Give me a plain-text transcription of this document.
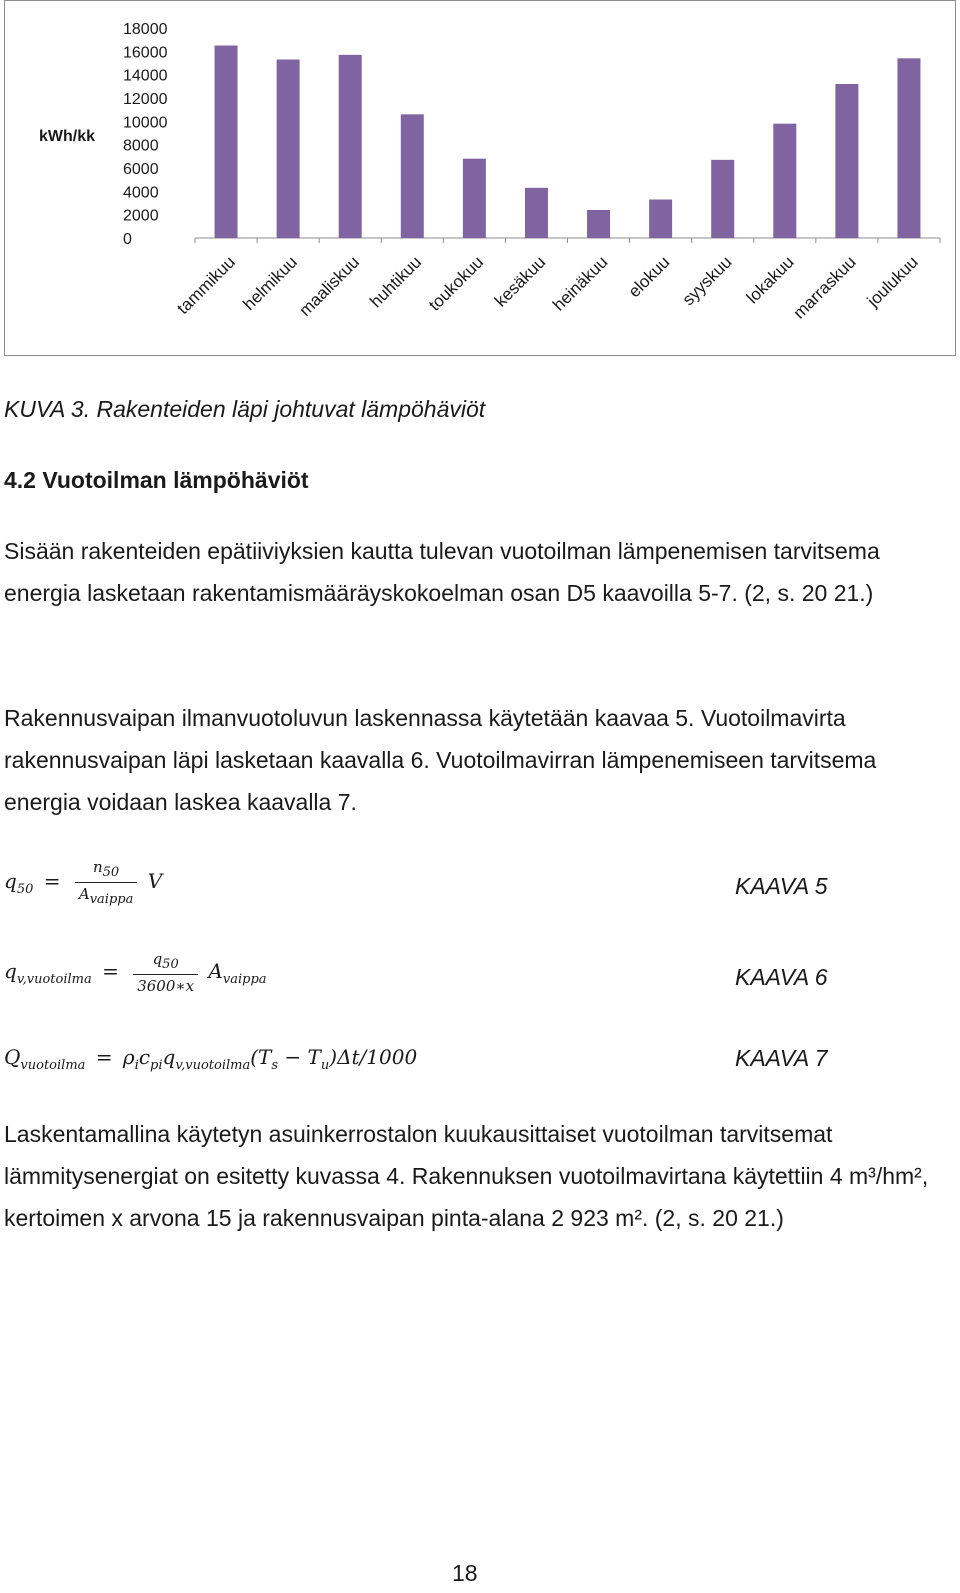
kWh/kk
18000
16000
14000
12000
10000
8000
6000
4000
2000
0
tammikuu helmikuu
maaliskuu huhtikuu toukokuu kesäkuu heinäkuu elokuu syyskuu lokakuu
marraskuu joulukuu
KUVA 3. Rakenteiden läpi johtuvat lämpöhäviöt
4.2 Vuotoilman lämpöhäviöt

Sisään rakenteiden epätiiviyksien kautta tulevan vuotoilman lämpenemisen tarvitsema energia lasketaan rakentamismääräyskokoelman osan D5 kaavoilla 5-7. (2, s. 20 21.)

Rakennusvaipan ilmanvuotoluvun laskennassa käytetään kaavaa 5. Vuotoilmavirta rakennusvaipan läpi lasketaan kaavalla 6. Vuotoilmavirran lämpenemiseen tarvitsema energia voidaan laskea kaavalla 7.

$q_{50} = \frac{n_{50}}{A_{vaippa}}$ V	KAAVA 5
$q_{v,vuotoilma} = \frac{q_{50}}{3600∗x} A_{vaippa}$	KAAVA 6
$Q_{vuotoilma} = \rho_ic_{pi}q_{v,vuotoilma}(T_s - T_u)\Delta t/1000$	KAAVA 7

Laskentamallina käytetyn asuinkerrostalon kuukausittaiset vuotoilman tarvitsemat lämmitysenergiat on esitetty kuvassa 4. Rakennuksen vuotoilmavirtana käytettiin 4 m³/hm², kertoimen x arvona 15 ja rakennusvaipan pinta-alana 2 923 m². (2, s. 20 21.)

18
